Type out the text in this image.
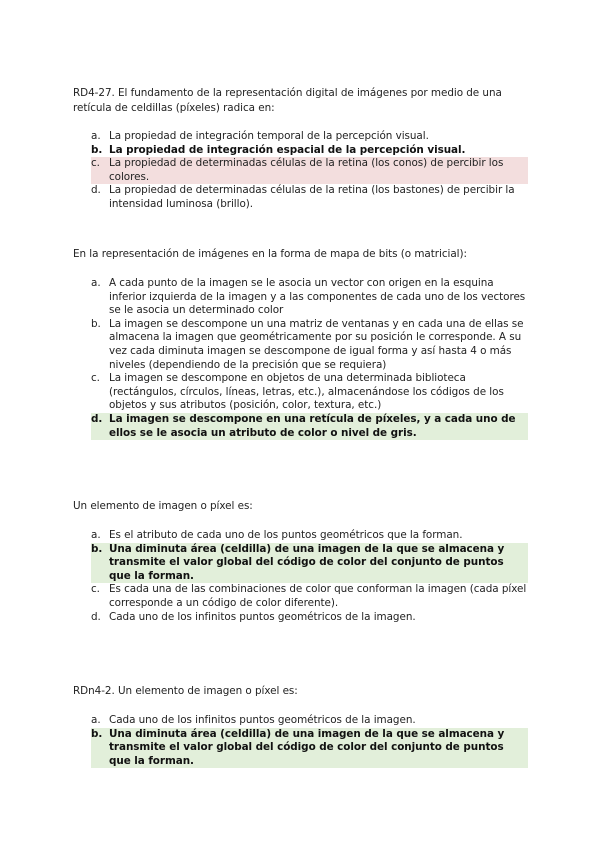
RD4-27. El fundamento de la representación digital de imágenes por medio de una retícula de celdillas (píxeles) radica en:
a. La propiedad de integración temporal de la percepción visual.
b. La propiedad de integración espacial de la percepción visual.
c. La propiedad de determinadas células de la retina (los conos) de percibir los colores.
d. La propiedad de determinadas células de la retina (los bastones) de percibir la intensidad luminosa (brillo).
En la representación de imágenes en la forma de mapa de bits (o matricial):
a. A cada punto de la imagen se le asocia un vector con origen en la esquina inferior izquierda de la imagen y a las componentes de cada uno de los vectores se le asocia un determinado color
b. La imagen se descompone un una matriz de ventanas y en cada una de ellas se almacena la imagen que geométricamente por su posición le corresponde. A su vez cada diminuta imagen se descompone de igual forma y así hasta 4 o más niveles (dependiendo de la precisión que se requiera)
c. La imagen se descompone en objetos de una determinada biblioteca (rectángulos, círculos, líneas, letras, etc.), almacenándose los códigos de los objetos y sus atributos (posición, color, textura, etc.)
d. La imagen se descompone en una retícula de píxeles, y a cada uno de ellos se le asocia un atributo de color o nivel de gris.
Un elemento de imagen o píxel es:
a. Es el atributo de cada uno de los puntos geométricos que la forman.
b. Una diminuta área (celdilla) de una imagen de la que se almacena y transmite el valor global del código de color del conjunto de puntos que la forman.
c. Es cada una de las combinaciones de color que conforman la imagen (cada píxel corresponde a un código de color diferente).
d. Cada uno de los infinitos puntos geométricos de la imagen.
RDn4-2. Un elemento de imagen o píxel es:
a. Cada uno de los infinitos puntos geométricos de la imagen.
b. Una diminuta área (celdilla) de una imagen de la que se almacena y transmite el valor global del código de color del conjunto de puntos que la forman.
